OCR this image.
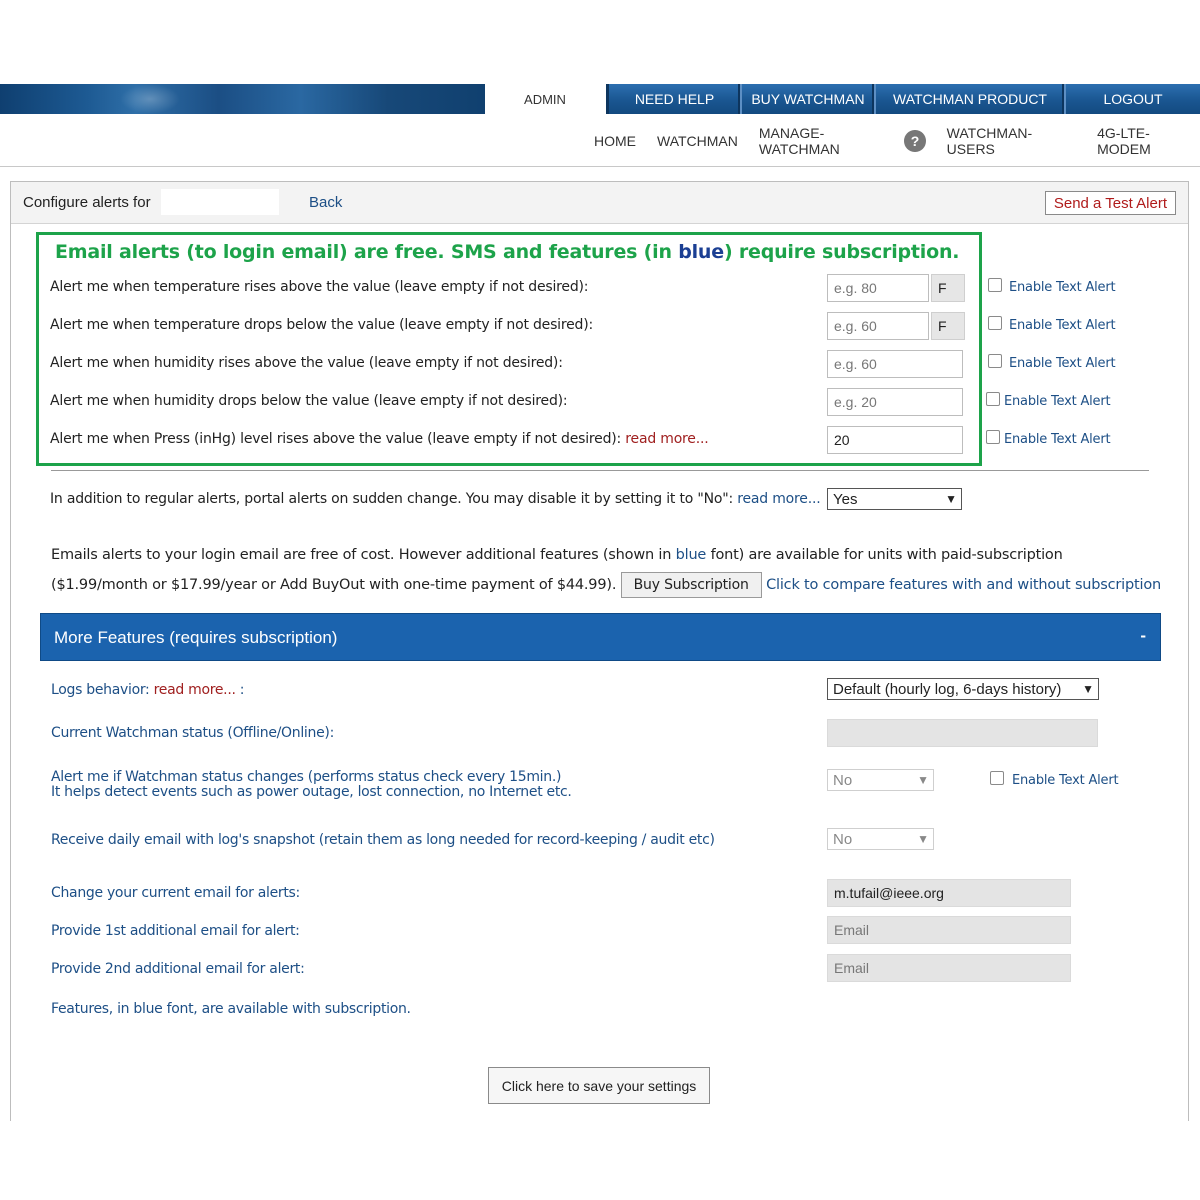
ADMIN	NEED HELP	BUY WATCHMAN	WATCHMAN PRODUCT	LOGOUT
HOME WATCHMAN MANAGE-WATCHMAN	?	WATCHMAN-USERS
4G-LTE-MODEM
Configure alerts for	Back	Send a Test Alert
Email alerts (to login email) are free. SMS and features (in blue) require subscription.
Alert me when temperature rises above the value (leave empty if not desired):	e.g. 80	F	Enable Text Alert
Alert me when temperature drops below the value (leave empty if not desired):	e.g. 60	F	Enable Text Alert
Alert me when humidity rises above the value (leave empty if not desired):	e.g. 60	Enable Text Alert
Alert me when humidity drops below the value (leave empty if not desired):	e.g. 20	Enable Text Alert
Alert me when Press (inHg) level rises above the value (leave empty if not desired): read more...	20	Enable Text Alert
In addition to regular alerts, portal alerts on sudden change. You may disable it by setting it to "No": read more... Yes	▼
Emails alerts to your login email are free of cost. However additional features (shown in blue font) are available for units with paid-subscription ($1.99/month or $17.99/year or Add BuyOut with one-time payment of $44.99). Buy Subscription Click to compare features with and without subscription
More Features (requires subscription)	-
Logs behavior: read more... :	Default (hourly log, 6-days history) ▼
Current Watchman status (Offline/Online):
Alert me if Watchman status changes (performs status check every 15min.)
It helps detect events such as power outage, lost connection, no Internet etc.
No	▼	Enable Text Alert
Receive daily email with log's snapshot (retain them as long needed for record-keeping / audit etc)	No	▼
Change your current email for alerts:	m.tufail@ieee.org
Provide 1st additional email for alert:	Email
Provide 2nd additional email for alert:	Email
Features, in blue font, are available with subscription.
Click here to save your settings
